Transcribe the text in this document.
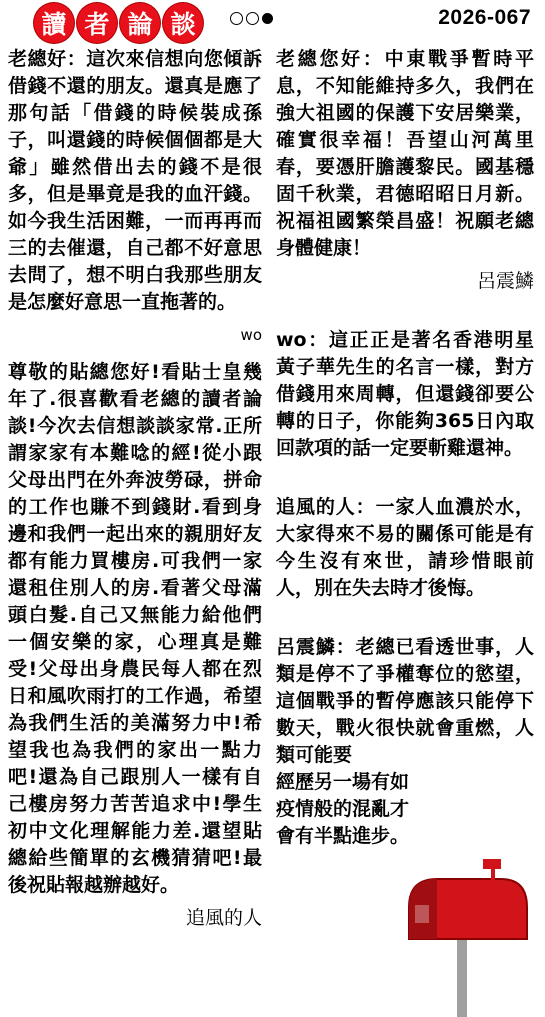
讀 者 論 談	2026-067

老總好：這次來信想向您傾訴借錢不還的朋友。還真是應了那句話「借錢的時候裝成孫子，叫還錢的時候個個都是大爺」雖然借出去的錢不是很多，但是畢竟是我的血汗錢。如今我生活困難，一而再再而三的去催還，自己都不好意思去問了，想不明白我那些朋友是怎麼好意思一直拖著的。

wo

尊敬的貼總您好!看貼士皇幾年了.很喜歡看老總的讀者論談!今次去信想談談家常.正所謂家家有本難唸的經!從小跟父母出門在外奔波勞碌，拼命的工作也賺不到錢財.看到身邊和我們一起出來的親朋好友都有能力買樓房.可我們一家還租住別人的房.看著父母滿頭白髮.自己又無能力給他們一個安樂的家，心理真是難受!父母出身農民每人都在烈日和風吹雨打的工作過，希望為我們生活的美滿努力中!希望我也為我們的家出一點力吧!還為自己跟別人一樣有自己樓房努力苦苦追求中!學生初中文化理解能力差.還望貼總給些簡單的玄機猜猜吧!最後祝貼報越辦越好。

追風的人

老總您好：中東戰爭暫時平息，不知能維持多久，我們在強大祖國的保護下安居樂業，確實很幸福！吾望山河萬里春，要憑肝膽護黎民。國基穩固千秋業，君德昭昭日月新。祝福祖國繁榮昌盛！祝願老總身體健康！

呂震鱗

wo：這正正是著名香港明星黃子華先生的名言一樣，對方借錢用來周轉，但還錢卻要公轉的日子，你能夠365日內取回款項的話一定要斬雞還神。

追風的人：一家人血濃於水，大家得來不易的關係可能是有今生沒有來世，請珍惜眼前人，別在失去時才後悔。

呂震鱗：老總已看透世事，人類是停不了爭權奪位的慾望，這個戰爭的暫停應該只能停下數天，戰火很快就會重燃，人類可能要

經歷另一場有如疫情般的混亂才會有半點進步。
